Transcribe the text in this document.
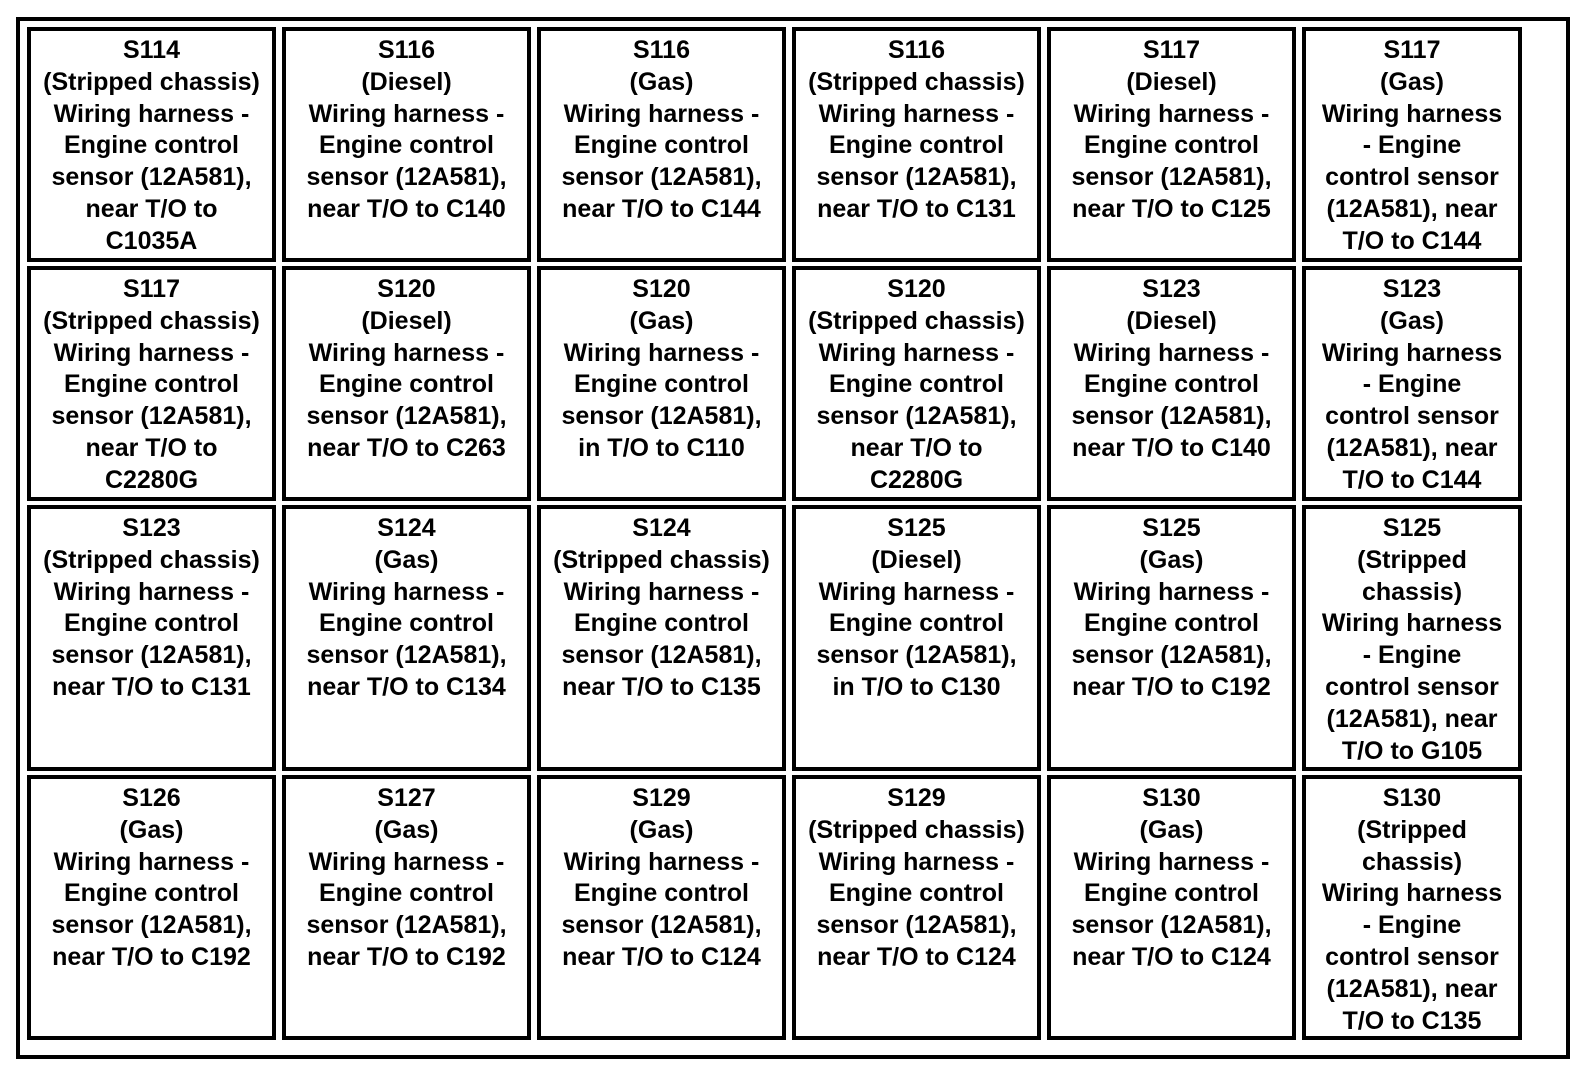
S114
(Stripped chassis)
Wiring harness -
Engine control
sensor (12A581),
near T/O to
C1035A
S116
(Diesel)
Wiring harness -
Engine control
sensor (12A581),
near T/O to C140
S116
(Gas)
Wiring harness -
Engine control
sensor (12A581),
near T/O to C144
S116
(Stripped chassis)
Wiring harness -
Engine control
sensor (12A581),
near T/O to C131
S117
(Diesel)
Wiring harness -
Engine control
sensor (12A581),
near T/O to C125
S117
(Gas)
Wiring harness
- Engine
control sensor
(12A581), near
T/O to C144
S117
(Stripped chassis)
Wiring harness -
Engine control
sensor (12A581),
near T/O to
C2280G
S120
(Diesel)
Wiring harness -
Engine control
sensor (12A581),
near T/O to C263
S120
(Gas)
Wiring harness -
Engine control
sensor (12A581),
in T/O to C110
S120
(Stripped chassis)
Wiring harness -
Engine control
sensor (12A581),
near T/O to
C2280G
S123
(Diesel)
Wiring harness -
Engine control
sensor (12A581),
near T/O to C140
S123
(Gas)
Wiring harness
- Engine
control sensor
(12A581), near
T/O to C144
S123
(Stripped chassis)
Wiring harness -
Engine control
sensor (12A581),
near T/O to C131
S124
(Gas)
Wiring harness -
Engine control
sensor (12A581),
near T/O to C134
S124
(Stripped chassis)
Wiring harness -
Engine control
sensor (12A581),
near T/O to C135
S125
(Diesel)
Wiring harness -
Engine control
sensor (12A581),
in T/O to C130
S125
(Gas)
Wiring harness -
Engine control
sensor (12A581),
near T/O to C192
S125
(Stripped
chassis)
Wiring harness
- Engine
control sensor
(12A581), near
T/O to G105
S126
(Gas)
Wiring harness -
Engine control
sensor (12A581),
near T/O to C192
S127
(Gas)
Wiring harness -
Engine control
sensor (12A581),
near T/O to C192
S129
(Gas)
Wiring harness -
Engine control
sensor (12A581),
near T/O to C124
S129
(Stripped chassis)
Wiring harness -
Engine control
sensor (12A581),
near T/O to C124
S130
(Gas)
Wiring harness -
Engine control
sensor (12A581),
near T/O to C124
S130
(Stripped
chassis)
Wiring harness
- Engine
control sensor
(12A581), near
T/O to C135
